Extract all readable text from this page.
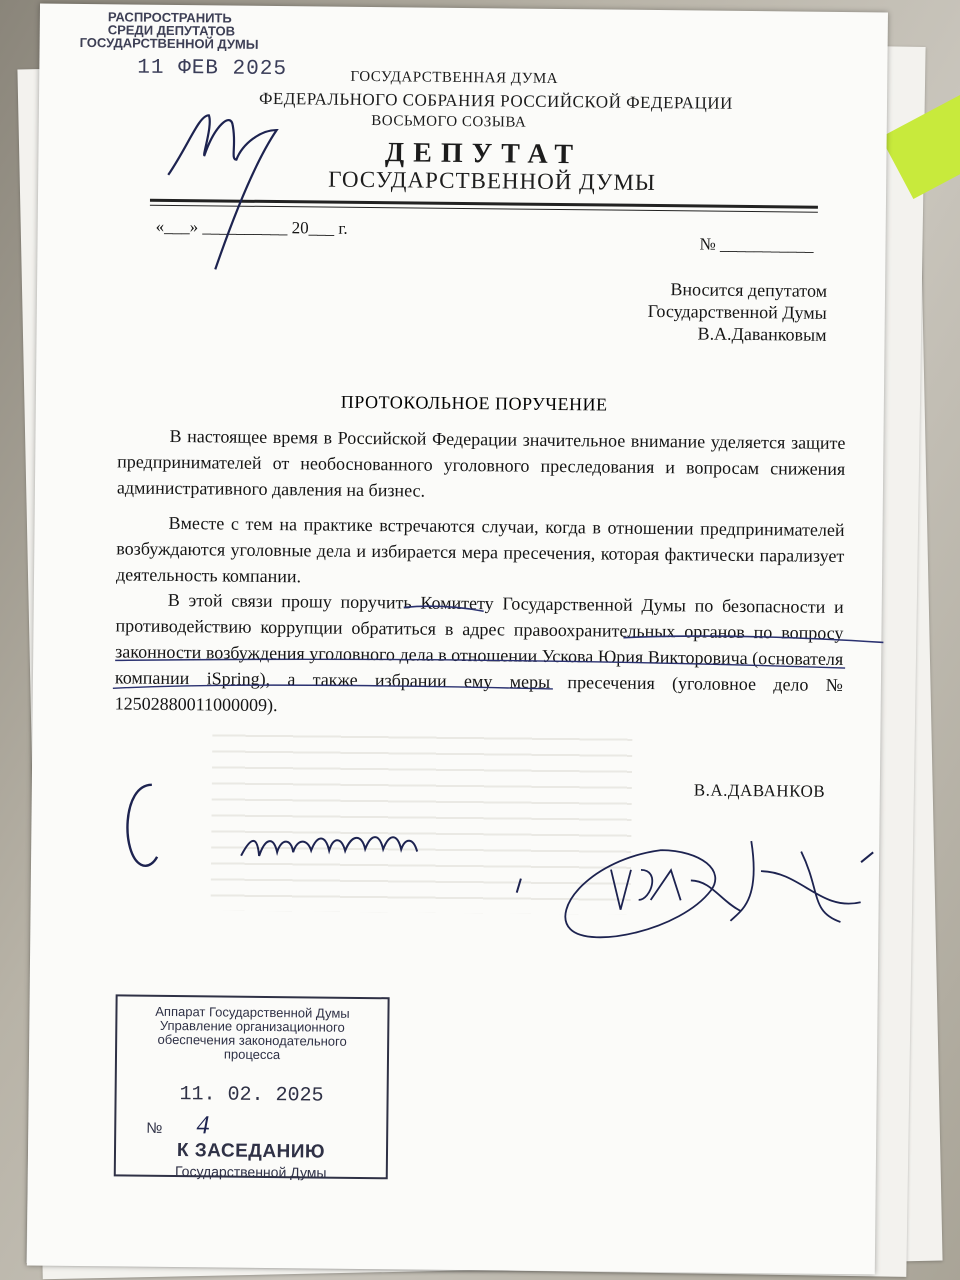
РАСПРОСТРАНИТЬ
СРЕДИ ДЕПУТАТОВ
ГОСУДАРСТВЕННОЙ ДУМЫ
11 ФЕВ 2025	ГОСУДАРСТВЕННАЯ ДУМА
ФЕДЕРАЛЬНОГО СОБРАНИЯ РОССИЙСКОЙ ФЕДЕРАЦИИ
ВОСЬМОГО СОЗЫВА
ДЕПУТАТ
ГОСУДАРСТВЕННОЙ ДУМЫ
«___» __________ 20___ г.
№ ___________
Вносится депутатом
Государственной Думы
В.А.Даванковым
ПРОТОКОЛЬНОЕ ПОРУЧЕНИЕ
В настоящее время в Российской Федерации значительное внимание уделяется защите предпринимателей от необоснованного уголовного преследования и вопросам снижения административного давления на бизнес.
Вместе с тем на практике встречаются случаи, когда в отношении предпринимателей возбуждаются уголовные дела и избирается мера пресечения, которая фактически парализует деятельность компании.
В этой связи прошу поручить Комитету Государственной Думы по безопасности и противодействию коррупции обратиться в адрес правоохранительных органов по вопросу законности возбуждения уголовного дела в отношении Ускова Юрия Викторовича (основателя компании iSpring), а также избрании ему меры пресечения (уголовное дело № 12502880011000009).
В.А.ДАВАНКОВ
Аппарат Государственной Думы
Управление организационного
обеспечения законодательного
процесса
11. 02. 2025
№ 4
К ЗАСЕДАНИЮ
Государственной Думы
